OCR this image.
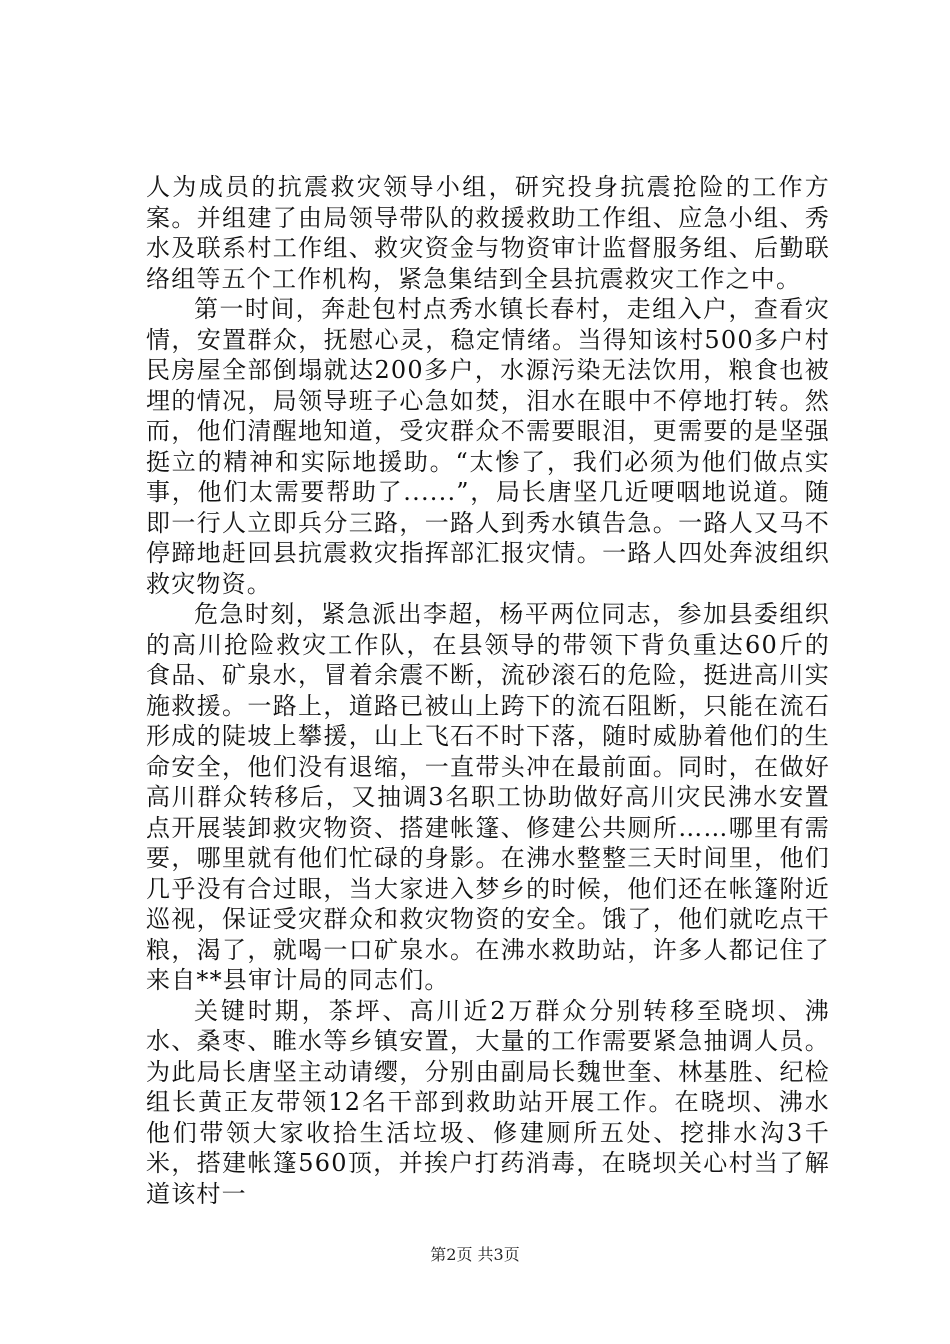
人为成员的抗震救灾领导小组，研究投身抗震抢险的工作方案。并组建了由局领导带队的救援救助工作组、应急小组、秀水及联系村工作组、救灾资金与物资审计监督服务组、后勤联络组等五个工作机构，紧急集结到全县抗震救灾工作之中。

第一时间，奔赴包村点秀水镇长春村，走组入户，查看灾情，安置群众，抚慰心灵，稳定情绪。当得知该村500多户村民房屋全部倒塌就达200多户，水源污染无法饮用，粮食也被埋的情况，局领导班子心急如焚，泪水在眼中不停地打转。然而，他们清醒地知道，受灾群众不需要眼泪，更需要的是坚强挺立的精神和实际地援助。“太惨了，我们必须为他们做点实事，他们太需要帮助了......”，局长唐坚几近哽咽地说道。随即一行人立即兵分三路，一路人到秀水镇告急。一路人又马不停蹄地赶回县抗震救灾指挥部汇报灾情。一路人四处奔波组织救灾物资。

危急时刻，紧急派出李超，杨平两位同志，参加县委组织的高川抢险救灾工作队，在县领导的带领下背负重达60斤的食品、矿泉水，冒着余震不断，流砂滚石的危险，挺进高川实施救援。一路上，道路已被山上跨下的流石阻断，只能在流石形成的陡坡上攀援，山上飞石不时下落，随时威胁着他们的生命安全，他们没有退缩，一直带头冲在最前面。同时，在做好高川群众转移后，又抽调3名职工协助做好高川灾民沸水安置点开展装卸救灾物资、搭建帐篷、修建公共厕所……哪里有需要，哪里就有他们忙碌的身影。在沸水整整三天时间里，他们几乎没有合过眼，当大家进入梦乡的时候，他们还在帐篷附近巡视，保证受灾群众和救灾物资的安全。饿了，他们就吃点干粮，渴了，就喝一口矿泉水。在沸水救助站，许多人都记住了来自**县审计局的同志们。

关键时期，茶坪、高川近2万群众分别转移至晓坝、沸水、桑枣、睢水等乡镇安置，大量的工作需要紧急抽调人员。为此局长唐坚主动请缨，分别由副局长魏世奎、林基胜、纪检组长黄正友带领12名干部到救助站开展工作。在晓坝、沸水他们带领大家收拾生活垃圾、修建厕所五处、挖排水沟3千米，搭建帐篷560顶，并挨户打药消毒，在晓坝关心村当了解道该村一

第2页 共3页
